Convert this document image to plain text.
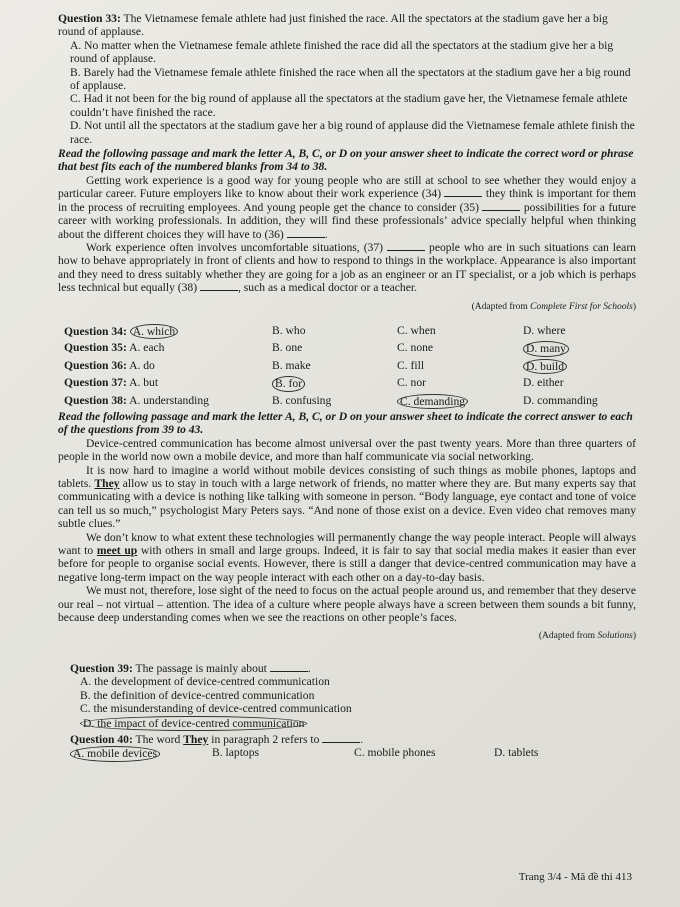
Question 33: The Vietnamese female athlete had just finished the race. All the spectators at the stadium gave her a big round of applause.

A. No matter when the Vietnamese female athlete finished the race did all the spectators at the stadium give her a big round of applause.

B. Barely had the Vietnamese female athlete finished the race when all the spectators at the stadium gave her a big round of applause.

C. Had it not been for the big round of applause all the spectators at the stadium gave her, the Vietnamese female athlete couldn’t have finished the race.

D. Not until all the spectators at the stadium gave her a big round of applause did the Vietnamese female athlete finish the race.

Read the following passage and mark the letter A, B, C, or D on your answer sheet to indicate the correct word or phrase that best fits each of the numbered blanks from 34 to 38.

Getting work experience is a good way for young people who are still at school to see whether they would enjoy a particular career. Future employers like to know about their work experience (34)	they think is important for them in the process of recruiting employees. And young people get the chance to consider (35)	possibilities for a future career with working professionals. In addition, they will find these professionals’ advice specially helpful when thinking about the different choices they will have to (36)	.

Work experience often involves uncomfortable situations, (37)	people who are in such situations can learn how to behave appropriately in front of clients and how to respond to things in the workplace. Appearance is also important and they need to dress suitably whether they are going for a job as an engineer or an IT specialist, or a job which is perhaps less technical but equally (38)	, such as a medical doctor or a teacher.

(Adapted from Complete First for Schools)

Question 34: A. which	B. who	C. when	D. where
Question 35: A. each	B. one	C. none	D. many
Question 36: A. do	B. make	C. fill	D. build
Question 37: A. but	B. for	C. nor	D. either
Question 38: A. understanding	B. confusing	C. demanding	D. commanding

Read the following passage and mark the letter A, B, C, or D on your answer sheet to indicate the correct answer to each of the questions from 39 to 43.

Device-centred communication has become almost universal over the past twenty years. More than three quarters of people in the world now own a mobile device, and more than half communicate via social networking.

It is now hard to imagine a world without mobile devices consisting of such things as mobile phones, laptops and tablets. They allow us to stay in touch with a large network of friends, no matter where they are. But many experts say that communicating with a device is nothing like talking with someone in person. “Body language, eye contact and tone of voice can tell us so much,” psychologist Mary Peters says. “And none of those exist on a device. Even video chat removes many subtle clues.”

We don’t know to what extent these technologies will permanently change the way people interact. People will always want to meet up with others in small and large groups. Indeed, it is fair to say that social media makes it easier than ever before for people to organise social events. However, there is still a danger that device-centred communication may have a negative long-term impact on the way people interact with each other on a day-to-day basis.

We must not, therefore, lose sight of the need to focus on the actual people around us, and remember that they deserve our real – not virtual – attention. The idea of a culture where people always have a screen between them sounds a bit funny, because deep understanding comes when we see the reactions on other people’s faces.

(Adapted from Solutions)

Question 39: The passage is mainly about	.

A. the development of device-centred communication

B. the definition of device-centred communication

C. the misunderstanding of device-centred communication

D. the impact of device-centred communication

Question 40: The word They in paragraph 2 refers to	.

A. mobile devices	B. laptops	C. mobile phones	D. tablets
Trang 3/4 - Mã đề thi 413
